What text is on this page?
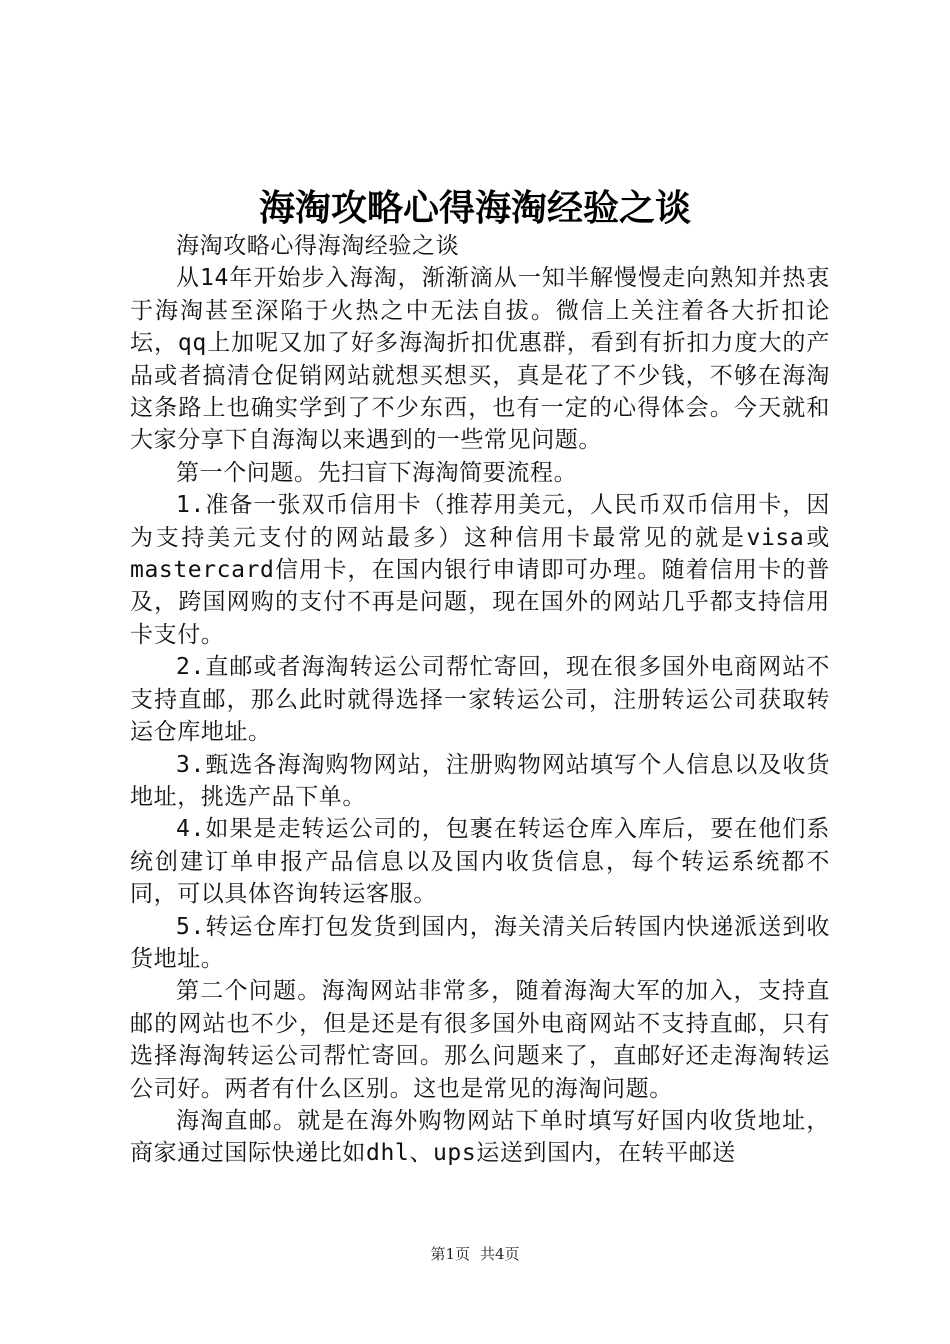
海淘攻略心得海淘经验之谈

海淘攻略心得海淘经验之谈

从14年开始步入海淘，渐渐滴从一知半解慢慢走向熟知并热衷于海淘甚至深陷于火热之中无法自拔。微信上关注着各大折扣论坛，qq上加呢又加了好多海淘折扣优惠群，看到有折扣力度大的产品或者搞清仓促销网站就想买想买，真是花了不少钱，不够在海淘这条路上也确实学到了不少东西，也有一定的心得体会。今天就和大家分享下自海淘以来遇到的一些常见问题。

第一个问题。先扫盲下海淘简要流程。

1.准备一张双币信用卡（推荐用美元，人民币双币信用卡，因为支持美元支付的网站最多）这种信用卡最常见的就是visa或mastercard信用卡，在国内银行申请即可办理。随着信用卡的普及，跨国网购的支付不再是问题，现在国外的网站几乎都支持信用卡支付。

2.直邮或者海淘转运公司帮忙寄回，现在很多国外电商网站不支持直邮，那么此时就得选择一家转运公司，注册转运公司获取转运仓库地址。

3.甄选各海淘购物网站，注册购物网站填写个人信息以及收货地址，挑选产品下单。

4.如果是走转运公司的，包裹在转运仓库入库后，要在他们系统创建订单申报产品信息以及国内收货信息，每个转运系统都不同，可以具体咨询转运客服。

5.转运仓库打包发货到国内，海关清关后转国内快递派送到收货地址。

第二个问题。海淘网站非常多，随着海淘大军的加入，支持直邮的网站也不少，但是还是有很多国外电商网站不支持直邮，只有选择海淘转运公司帮忙寄回。那么问题来了，直邮好还走海淘转运公司好。两者有什么区别。这也是常见的海淘问题。

海淘直邮。就是在海外购物网站下单时填写好国内收货地址，商家通过国际快递比如dhl、ups运送到国内，在转平邮送

第1页 共4页
